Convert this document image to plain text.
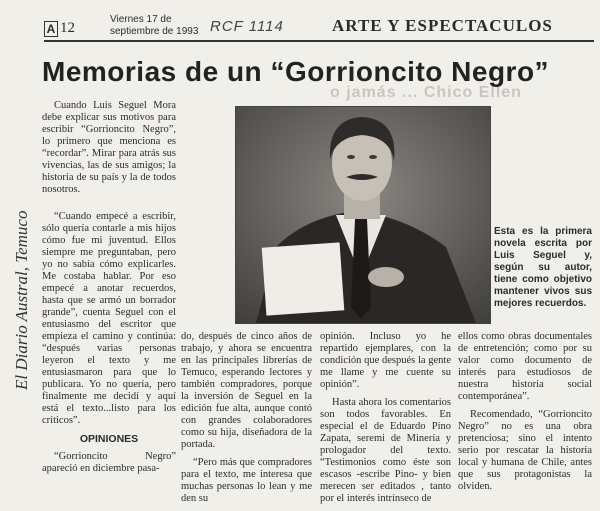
A 12
Viernes 17 de
septiembre de 1993 RCF 1114	ARTE Y ESPECTACULOS
o jamás ... Chico Ellen
Memorias de un “Gorrioncito Negro”
El Diario Austral, Temuco	Esta es la primera novela escrita por Luis Seguel y, según su autor, tiene como objetivo mantener vivos sus mejores recuerdos.

Cuando Luis Seguel Mora debe explicar sus motivos para escribir “Gorrioncito Negro”, lo primero que menciona es “recordar”. Mirar para atrás sus vivencias, las de sus amigos; la historia de su país y la de todos nosotros.

“Cuando empecé a escribir, sólo quería contarle a mis hijos cómo fue mi juventud. Ellos siempre me preguntaban, pero yo no sabía cómo explicarles. Me costaba hablar. Por eso empecé a anotar recuerdos, hasta que se armó un borrador grande”, cuenta Seguel con el entusiasmo del escritor que empieza el camino y continúa: “después varias personas leyeron el texto y me entusiasmaron para que lo publicara. Yo no quería, pero finalmente me decidí y aquí está el texto...listo para los críticos”.

OPINIONES

“Gorrioncito Negro” apareció en diciembre pasa-

do, después de cinco años de trabajo, y ahora se encuentra en las principales librerías de Temuco, esperando lectores y también compradores, porque la inversión de Seguel en la edición fue alta, aunque contó con grandes colaboradores como su hija, diseñadora de la portada.

“Pero más que compradores para el texto, me interesa que muchas personas lo lean y me den su

opinión. Incluso yo he repartido ejemplares, con la condición que después la gente me llame y me cuente su opinión”.

Hasta ahora los comentarios son todos favorables. En especial el de Eduardo Pino Zapata, seremi de Minería y prologador del texto. “Testimonios como éste son escasos -escribe Pino- y bien merecen ser editados , tanto por el interés intrínseco de

ellos como obras documentales de entretención; como por su valor como documento de interés para estudiosos de nuestra historia social contemporánea”.

Recomendado, “Gorrioncito Negro” no es una obra pretenciosa; sino el intento serio por rescatar la historia local y humana de Chile, antes que sus protagonistas la olviden.
